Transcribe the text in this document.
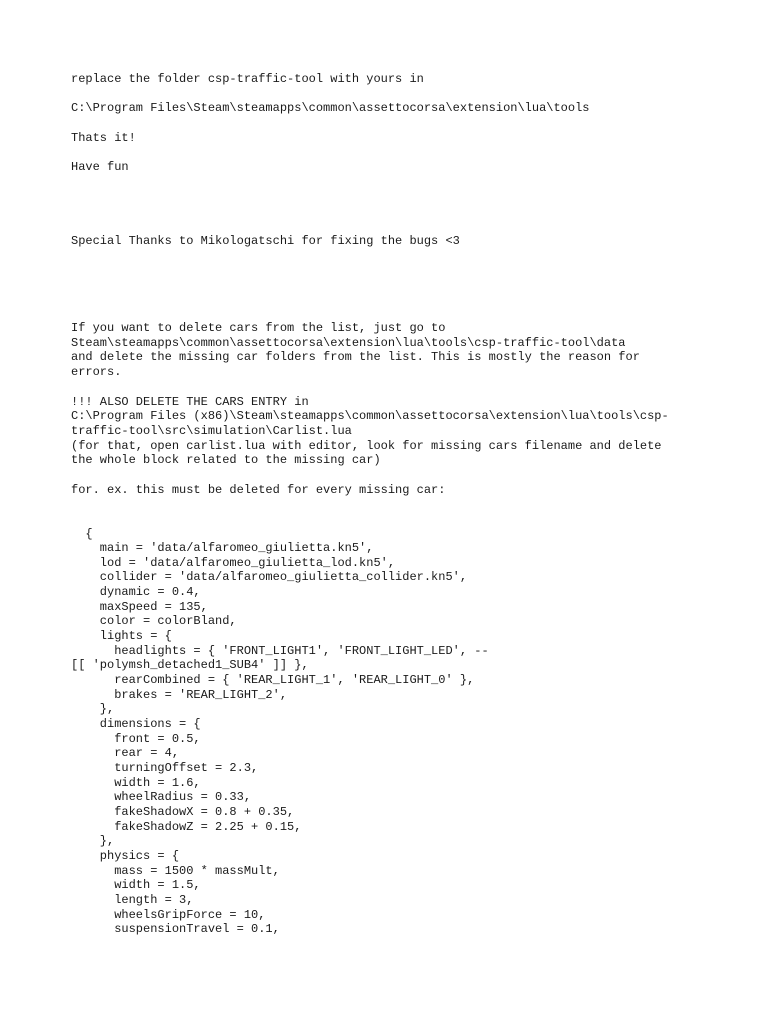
replace the folder csp-traffic-tool with yours in

C:\Program Files\Steam\steamapps\common\assettocorsa\extension\lua\tools

Thats it!

Have fun

Special Thanks to Mikologatschi for fixing the bugs <3

If you want to delete cars from the list, just go to

Steam\steamapps\common\assettocorsa\extension\lua\tools\csp-traffic-tool\data

and delete the missing car folders from the list. This is mostly the reason for

errors.

!!! ALSO DELETE THE CARS ENTRY in

C:\Program Files (x86)\Steam\steamapps\common\assettocorsa\extension\lua\tools\csp-

traffic-tool\src\simulation\Carlist.lua

(for that, open carlist.lua with editor, look for missing cars filename and delete

the whole block related to the missing car)

for. ex. this must be deleted for every missing car:

{

main = 'data/alfaromeo_giulietta.kn5',

lod = 'data/alfaromeo_giulietta_lod.kn5',

collider = 'data/alfaromeo_giulietta_collider.kn5',

dynamic = 0.4,

maxSpeed = 135,

color = colorBland,

lights = {

headlights = { 'FRONT_LIGHT1', 'FRONT_LIGHT_LED', --

[[ 'polymsh_detached1_SUB4' ]] },

rearCombined = { 'REAR_LIGHT_1', 'REAR_LIGHT_0' },

brakes = 'REAR_LIGHT_2',

},

dimensions = {

front = 0.5,

rear = 4,

turningOffset = 2.3,

width = 1.6,

wheelRadius = 0.33,

fakeShadowX = 0.8 + 0.35,

fakeShadowZ = 2.25 + 0.15,

},

physics = {

mass = 1500 * massMult,

width = 1.5,

length = 3,

wheelsGripForce = 10,

suspensionTravel = 0.1,
